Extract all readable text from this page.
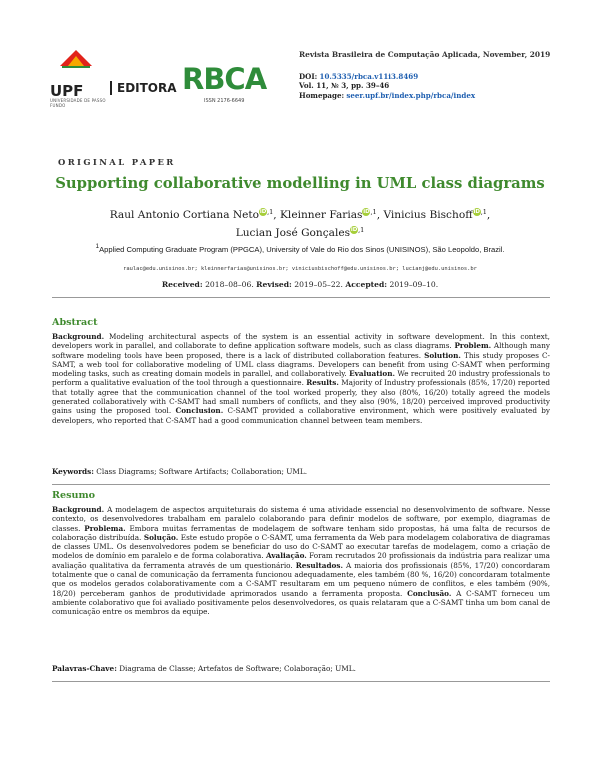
UPF
UNIVERSIDADE DE PASSO FUNDO
EDITORA RBCA
ISSN 2176-6649
Revista Brasileira de Computação Aplicada, November, 2019
DOI: 10.5335/rbca.v11i3.8469
Vol. 11, № 3, pp. 39–46
Homepage: seer.upf.br/index.php/rbca/index
ORIGINAL PAPER
Supporting collaborative modelling in UML class diagrams
Raul Antonio Cortiana NetoiD$^{,1}$, Kleinner FariasiD$^{,1}$, Vinicius BischoffiD$^{,1}$,
Lucian José GonçalesiD$^{,1}$
$^1$Applied Computing Graduate Program (PPGCA), University of Vale do Rio dos Sinos (UNISINOS), São Leopoldo, Brazil.
raulac@edu.unisinos.br; kleinnerfarias@unisinos.br; viniciusbischoff@edu.unisinos.br; lucianj@edu.unisinos.br
Received: 2018–08–06. Revised: 2019–05–22. Accepted: 2019–09–10.
Abstract
Background. Modeling architectural aspects of the system is an essential activity in software development. In this context, developers work in parallel, and collaborate to define application software models, such as class diagrams. Problem. Although many software modeling tools have been proposed, there is a lack of distributed collaboration features. Solution. This study proposes C-SAMT, a web tool for collaborative modeling of UML class diagrams. Developers can benefit from using C-SAMT when performing modeling tasks, such as creating domain models in parallel, and collaboratively. Evaluation. We recruited 20 industry professionals to perform a qualitative evaluation of the tool through a questionnaire. Results. Majority of Industry professionals (85%, 17/20) reported that totally agree that the communication channel of the tool worked properly, they also (80%, 16/20) totally agreed the models generated collaboratively with C-SAMT had small numbers of conflicts, and they also (90%, 18/20) perceived improved productivity gains using the proposed tool. Conclusion. C-SAMT provided a collaborative environment, which were positively evaluated by developers, who reported that C-SAMT had a good communication channel between team members.
Keywords: Class Diagrams; Software Artifacts; Collaboration; UML.
Resumo
Background. A modelagem de aspectos arquiteturais do sistema é uma atividade essencial no desenvolvimento de software. Nesse contexto, os desenvolvedores trabalham em paralelo colaborando para definir modelos de software, por exemplo, diagramas de classes. Problema. Embora muitas ferramentas de modelagem de software tenham sido propostas, há uma falta de recursos de colaboração distribuída. Solução. Este estudo propõe o C-SAMT, uma ferramenta da Web para modelagem colaborativa de diagramas de classes UML. Os desenvolvedores podem se beneficiar do uso do C-SAMT ao executar tarefas de modelagem, como a criação de modelos de domínio em paralelo e de forma colaborativa. Avaliação. Foram recrutados 20 profissionais da indústria para realizar uma avaliação qualitativa da ferramenta através de um questionário. Resultados. A maioria dos profissionais (85%, 17/20) concordaram totalmente que o canal de comunicação da ferramenta funcionou adequadamente, eles também (80 %, 16/20) concordaram totalmente que os modelos gerados colaborativamente com a C-SAMT resultaram em um pequeno número de conflitos, e eles também (90%, 18/20) perceberam ganhos de produtividade aprimorados usando a ferramenta proposta. Conclusão. A C-SAMT forneceu um ambiente colaborativo que foi avaliado positivamente pelos desenvolvedores, os quais relataram que a C-SAMT tinha um bom canal de comunicação entre os membros da equipe.
Palavras-Chave: Diagrama de Classe; Artefatos de Software; Colaboração; UML.
